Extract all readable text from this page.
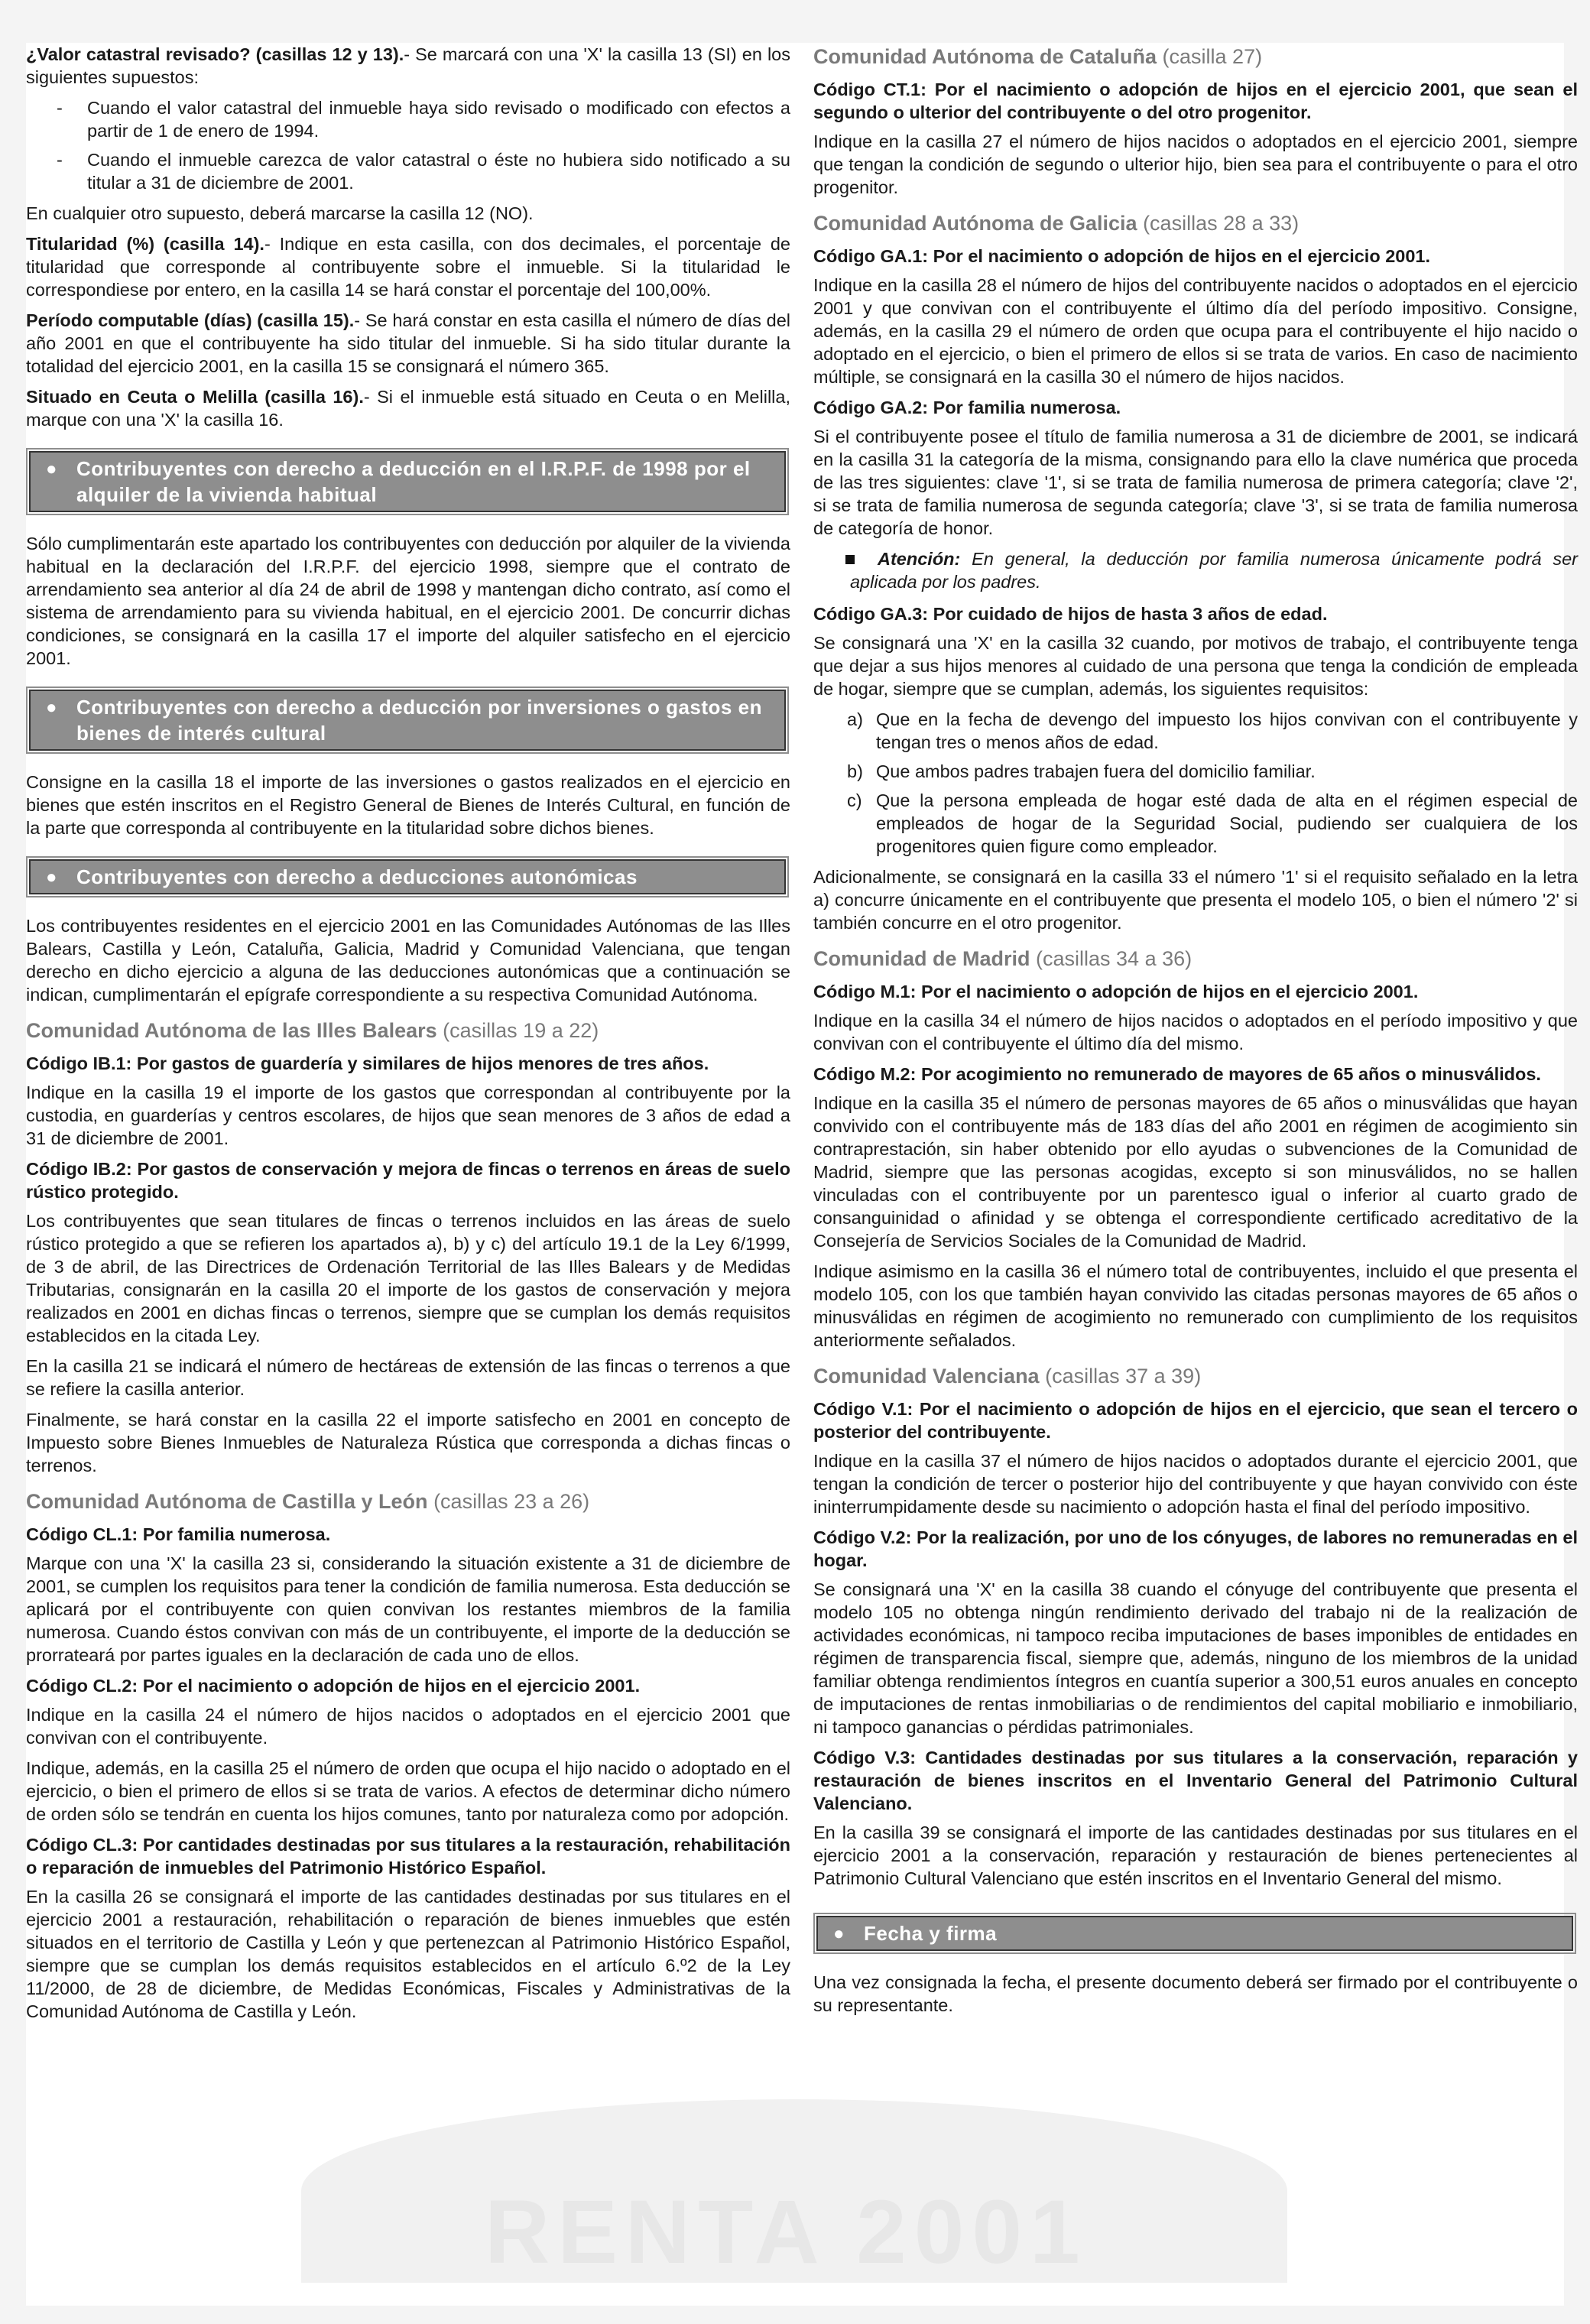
RENTA 2001

¿Valor catastral revisado? (casillas 12 y 13).- Se marcará con una 'X' la casilla 13 (SI) en los siguientes supuestos:

- Cuando el valor catastral del inmueble haya sido revisado o modificado con efectos a partir de 1 de enero de 1994.
- Cuando el inmueble carezca de valor catastral o éste no hubiera sido notificado a su titular a 31 de diciembre de 2001.

En cualquier otro supuesto, deberá marcarse la casilla 12 (NO).

Titularidad (%) (casilla 14).- Indique en esta casilla, con dos decimales, el porcentaje de titularidad que corresponde al contribuyente sobre el inmueble. Si la titularidad le correspondiese por entero, en la casilla 14 se hará constar el porcentaje del 100,00%.

Período computable (días) (casilla 15).- Se hará constar en esta casilla el número de días del año 2001 en que el contribuyente ha sido titular del inmueble. Si ha sido titular durante la totalidad del ejercicio 2001, en la casilla 15 se consignará el número 365.

Situado en Ceuta o Melilla (casilla 16).- Si el inmueble está situado en Ceuta o en Melilla, marque con una 'X' la casilla 16.

● Contribuyentes con derecho a deducción en el I.R.P.F. de 1998 por el alquiler de la vivienda habitual

Sólo cumplimentarán este apartado los contribuyentes con deducción por alquiler de la vivienda habitual en la declaración del I.R.P.F. del ejercicio 1998, siempre que el contrato de arrendamiento sea anterior al día 24 de abril de 1998 y mantengan dicho contrato, así como el sistema de arrendamiento para su vivienda habitual, en el ejercicio 2001. De concurrir dichas condiciones, se consignará en la casilla 17 el importe del alquiler satisfecho en el ejercicio 2001.

● Contribuyentes con derecho a deducción por inversiones o gastos en bienes de interés cultural

Consigne en la casilla 18 el importe de las inversiones o gastos realizados en el ejercicio en bienes que estén inscritos en el Registro General de Bienes de Interés Cultural, en función de la parte que corresponda al contribuyente en la titularidad sobre dichos bienes.

● Contribuyentes con derecho a deducciones autonómicas

Los contribuyentes residentes en el ejercicio 2001 en las Comunidades Autónomas de las Illes Balears, Castilla y León, Cataluña, Galicia, Madrid y Comunidad Valenciana, que tengan derecho en dicho ejercicio a alguna de las deducciones autonómicas que a continuación se indican, cumplimentarán el epígrafe correspondiente a su respectiva Comunidad Autónoma.

Comunidad Autónoma de las Illes Balears (casillas 19 a 22)
Código IB.1: Por gastos de guardería y similares de hijos menores de tres años.

Indique en la casilla 19 el importe de los gastos que correspondan al contribuyente por la custodia, en guarderías y centros escolares, de hijos que sean menores de 3 años de edad a 31 de diciembre de 2001.

Código IB.2: Por gastos de conservación y mejora de fincas o terrenos en áreas de suelo rústico protegido.

Los contribuyentes que sean titulares de fincas o terrenos incluidos en las áreas de suelo rústico protegido a que se refieren los apartados a), b) y c) del artículo 19.1 de la Ley 6/1999, de 3 de abril, de las Directrices de Ordenación Territorial de las Illes Balears y de Medidas Tributarias, consignarán en la casilla 20 el importe de los gastos de conservación y mejora realizados en 2001 en dichas fincas o terrenos, siempre que se cumplan los demás requisitos establecidos en la citada Ley.

En la casilla 21 se indicará el número de hectáreas de extensión de las fincas o terrenos a que se refiere la casilla anterior.

Finalmente, se hará constar en la casilla 22 el importe satisfecho en 2001 en concepto de Impuesto sobre Bienes Inmuebles de Naturaleza Rústica que corresponda a dichas fincas o terrenos.

Comunidad Autónoma de Castilla y León (casillas 23 a 26)
Código CL.1: Por familia numerosa.

Marque con una 'X' la casilla 23 si, considerando la situación existente a 31 de diciembre de 2001, se cumplen los requisitos para tener la condición de familia numerosa. Esta deducción se aplicará por el contribuyente con quien convivan los restantes miembros de la familia numerosa. Cuando éstos convivan con más de un contribuyente, el importe de la deducción se prorrateará por partes iguales en la declaración de cada uno de ellos.

Código CL.2: Por el nacimiento o adopción de hijos en el ejercicio 2001.

Indique en la casilla 24 el número de hijos nacidos o adoptados en el ejercicio 2001 que convivan con el contribuyente.

Indique, además, en la casilla 25 el número de orden que ocupa el hijo nacido o adoptado en el ejercicio, o bien el primero de ellos si se trata de varios. A efectos de determinar dicho número de orden sólo se tendrán en cuenta los hijos comunes, tanto por naturaleza como por adopción.

Código CL.3: Por cantidades destinadas por sus titulares a la restauración, rehabilitación o reparación de inmuebles del Patrimonio Histórico Español.

En la casilla 26 se consignará el importe de las cantidades destinadas por sus titulares en el ejercicio 2001 a restauración, rehabilitación o reparación de bienes inmuebles que estén situados en el territorio de Castilla y León y que pertenezcan al Patrimonio Histórico Español, siempre que se cumplan los demás requisitos establecidos en el artículo 6.º2 de la Ley 11/2000, de 28 de diciembre, de Medidas Económicas, Fiscales y Administrativas de la Comunidad Autónoma de Castilla y León.

Comunidad Autónoma de Cataluña (casilla 27)
Código CT.1: Por el nacimiento o adopción de hijos en el ejercicio 2001, que sean el segundo o ulterior del contribuyente o del otro progenitor.

Indique en la casilla 27 el número de hijos nacidos o adoptados en el ejercicio 2001, siempre que tengan la condición de segundo o ulterior hijo, bien sea para el contribuyente o para el otro progenitor.

Comunidad Autónoma de Galicia (casillas 28 a 33)
Código GA.1: Por el nacimiento o adopción de hijos en el ejercicio 2001.

Indique en la casilla 28 el número de hijos del contribuyente nacidos o adoptados en el ejercicio 2001 y que convivan con el contribuyente el último día del período impositivo. Consigne, además, en la casilla 29 el número de orden que ocupa para el contribuyente el hijo nacido o adoptado en el ejercicio, o bien el primero de ellos si se trata de varios. En caso de nacimiento múltiple, se consignará en la casilla 30 el número de hijos nacidos.

Código GA.2: Por familia numerosa.

Si el contribuyente posee el título de familia numerosa a 31 de diciembre de 2001, se indicará en la casilla 31 la categoría de la misma, consignando para ello la clave numérica que proceda de las tres siguientes: clave '1', si se trata de familia numerosa de primera categoría; clave '2', si se trata de familia numerosa de segunda categoría; clave '3', si se trata de familia numerosa de categoría de honor.

Atención: En general, la deducción por familia numerosa únicamente podrá ser aplicada por los padres.
Código GA.3: Por cuidado de hijos de hasta 3 años de edad.

Se consignará una 'X' en la casilla 32 cuando, por motivos de trabajo, el contribuyente tenga que dejar a sus hijos menores al cuidado de una persona que tenga la condición de empleada de hogar, siempre que se cumplan, además, los siguientes requisitos:

a) Que en la fecha de devengo del impuesto los hijos convivan con el contribuyente y tengan tres o menos años de edad.
b) Que ambos padres trabajen fuera del domicilio familiar.
c) Que la persona empleada de hogar esté dada de alta en el régimen especial de empleados de hogar de la Seguridad Social, pudiendo ser cualquiera de los progenitores quien figure como empleador.

Adicionalmente, se consignará en la casilla 33 el número '1' si el requisito señalado en la letra a) concurre únicamente en el contribuyente que presenta el modelo 105, o bien el número '2' si también concurre en el otro progenitor.

Comunidad de Madrid (casillas 34 a 36)
Código M.1: Por el nacimiento o adopción de hijos en el ejercicio 2001.

Indique en la casilla 34 el número de hijos nacidos o adoptados en el período impositivo y que convivan con el contribuyente el último día del mismo.

Código M.2: Por acogimiento no remunerado de mayores de 65 años o minusválidos.

Indique en la casilla 35 el número de personas mayores de 65 años o minusválidas que hayan convivido con el contribuyente más de 183 días del año 2001 en régimen de acogimiento sin contraprestación, sin haber obtenido por ello ayudas o subvenciones de la Comunidad de Madrid, siempre que las personas acogidas, excepto si son minusválidos, no se hallen vinculadas con el contribuyente por un parentesco igual o inferior al cuarto grado de consanguinidad o afinidad y se obtenga el correspondiente certificado acreditativo de la Consejería de Servicios Sociales de la Comunidad de Madrid.

Indique asimismo en la casilla 36 el número total de contribuyentes, incluido el que presenta el modelo 105, con los que también hayan convivido las citadas personas mayores de 65 años o minusválidas en régimen de acogimiento no remunerado con cumplimiento de los requisitos anteriormente señalados.

Comunidad Valenciana (casillas 37 a 39)
Código V.1: Por el nacimiento o adopción de hijos en el ejercicio, que sean el tercero o posterior del contribuyente.

Indique en la casilla 37 el número de hijos nacidos o adoptados durante el ejercicio 2001, que tengan la condición de tercer o posterior hijo del contribuyente y que hayan convivido con éste ininterrumpidamente desde su nacimiento o adopción hasta el final del período impositivo.

Código V.2: Por la realización, por uno de los cónyuges, de labores no remuneradas en el hogar.

Se consignará una 'X' en la casilla 38 cuando el cónyuge del contribuyente que presenta el modelo 105 no obtenga ningún rendimiento derivado del trabajo ni de la realización de actividades económicas, ni tampoco reciba imputaciones de bases imponibles de entidades en régimen de transparencia fiscal, siempre que, además, ninguno de los miembros de la unidad familiar obtenga rendimientos íntegros en cuantía superior a 300,51 euros anuales en concepto de imputaciones de rentas inmobiliarias o de rendimientos del capital mobiliario e inmobiliario, ni tampoco ganancias o pérdidas patrimoniales.

Código V.3: Cantidades destinadas por sus titulares a la conservación, reparación y restauración de bienes inscritos en el Inventario General del Patrimonio Cultural Valenciano.

En la casilla 39 se consignará el importe de las cantidades destinadas por sus titulares en el ejercicio 2001 a la conservación, reparación y restauración de bienes pertenecientes al Patrimonio Cultural Valenciano que estén inscritos en el Inventario General del mismo.

● Fecha y firma

Una vez consignada la fecha, el presente documento deberá ser firmado por el contribuyente o su representante.
